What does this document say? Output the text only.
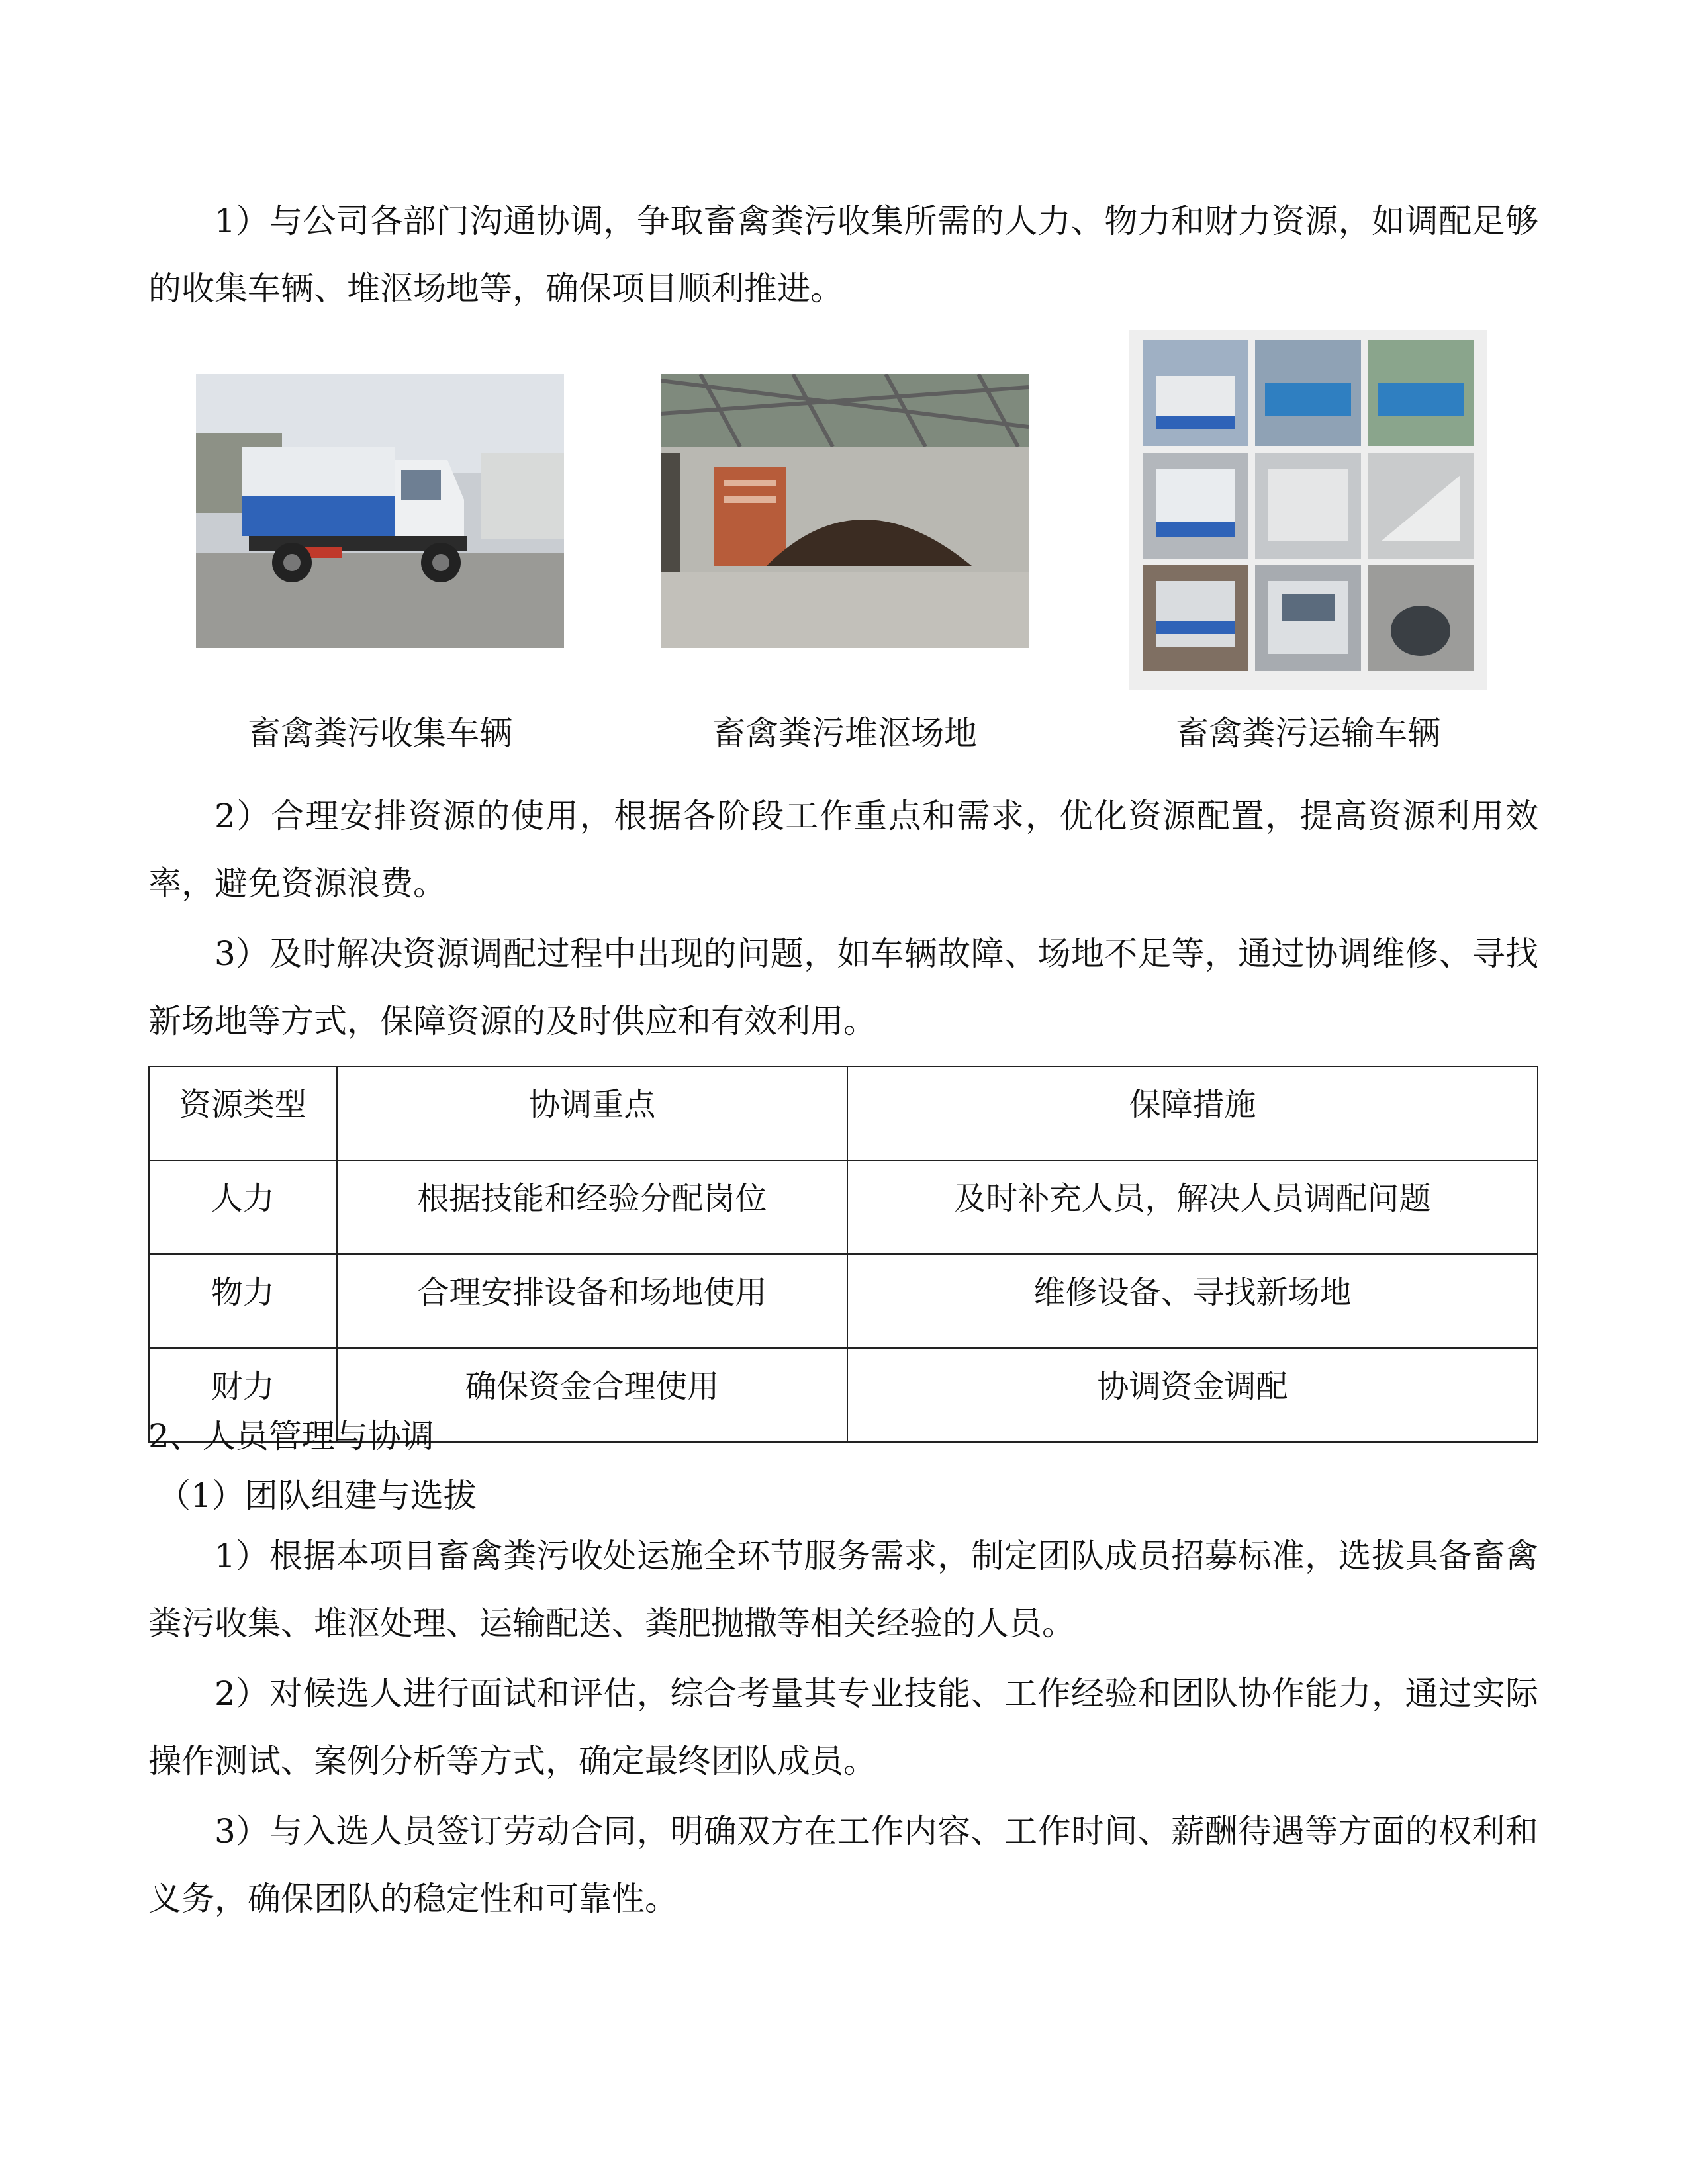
1）与公司各部门沟通协调，争取畜禽粪污收集所需的人力、物力和财力资源，如调配足够的收集车辆、堆沤场地等，确保项目顺利推进。

畜禽粪污收集车辆	畜禽粪污堆沤场地	畜禽粪污运输车辆

2）合理安排资源的使用，根据各阶段工作重点和需求，优化资源配置，提高资源利用效率，避免资源浪费。

3）及时解决资源调配过程中出现的问题，如车辆故障、场地不足等，通过协调维修、寻找新场地等方式，保障资源的及时供应和有效利用。

资源类型	协调重点	保障措施
人力	根据技能和经验分配岗位	及时补充人员，解决人员调配问题
物力	合理安排设备和场地使用	维修设备、寻找新场地
财力	确保资金合理使用	协调资金调配

2、人员管理与协调

（1）团队组建与选拔

1）根据本项目畜禽粪污收处运施全环节服务需求，制定团队成员招募标准，选拔具备畜禽粪污收集、堆沤处理、运输配送、粪肥抛撒等相关经验的人员。

2）对候选人进行面试和评估，综合考量其专业技能、工作经验和团队协作能力，通过实际操作测试、案例分析等方式，确定最终团队成员。

3）与入选人员签订劳动合同，明确双方在工作内容、工作时间、薪酬待遇等方面的权利和义务，确保团队的稳定性和可靠性。
